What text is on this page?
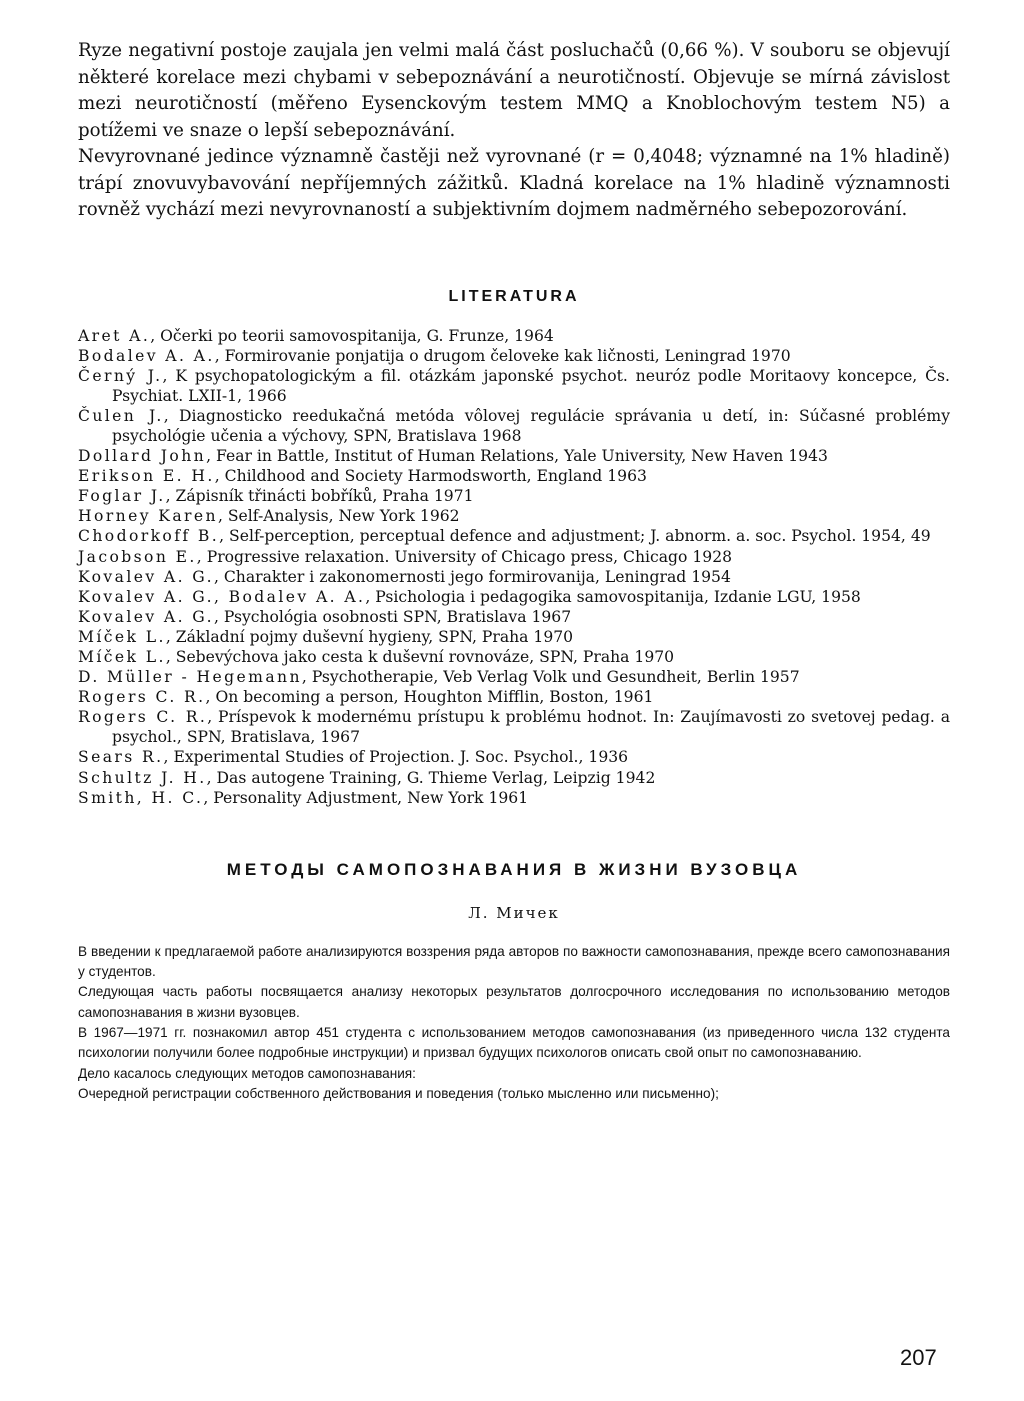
Ryze negativní postoje zaujala jen velmi malá část posluchačů (0,66 %). V souboru se objevují některé korelace mezi chybami v sebepoznávání a neurotičností. Objevuje se mírná závislost mezi neurotičností (měřeno Eysenckovým testem MMQ a Knoblochovým testem N5) a potížemi ve snaze o lepší sebepoznávání.

Nevyrovnané jedince významně častěji než vyrovnané (r = 0,4048; významné na 1% hladině) trápí znovuvybavování nepříjemných zážitků. Kladná korelace na 1% hladině významnosti rovněž vychází mezi nevyrovnaností a subjektivním dojmem nadměrného sebepozorování.

LITERATURA

Aret A., Očerki po teorii samovospitanija, G. Frunze, 1964

Bodalev A. A., Formirovanie ponjatija o drugom čeloveke kak ličnosti, Leningrad 1970

Černý J., K psychopatologickým a fil. otázkám japonské psychot. neuróz podle Moritaovy koncepce, Čs. Psychiat. LXII-1, 1966

Čulen J., Diagnosticko reedukačná metóda vôlovej regulácie správania u detí, in: Súčasné problémy psychológie učenia a výchovy, SPN, Bratislava 1968

Dollard John, Fear in Battle, Institut of Human Relations, Yale University, New Haven 1943

Erikson E. H., Childhood and Society Harmodsworth, England 1963

Foglar J., Zápisník třinácti bobříků, Praha 1971

Horney Karen, Self-Analysis, New York 1962

Chodorkoff B., Self-perception, perceptual defence and adjustment; J. abnorm. a. soc. Psychol. 1954, 49

Jacobson E., Progressive relaxation. University of Chicago press, Chicago 1928

Kovalev A. G., Charakter i zakonomernosti jego formirovanija, Leningrad 1954

Kovalev A. G., Bodalev A. A., Psichologia i pedagogika samovospitanija, Izdanie LGU, 1958

Kovalev A. G., Psychológia osobnosti SPN, Bratislava 1967

Míček L., Základní pojmy duševní hygieny, SPN, Praha 1970

Míček L., Sebevýchova jako cesta k duševní rovnováze, SPN, Praha 1970

D. Müller - Hegemann, Psychotherapie, Veb Verlag Volk und Gesundheit, Berlin 1957

Rogers C. R., On becoming a person, Houghton Mifflin, Boston, 1961

Rogers C. R., Príspevok k modernému prístupu k problému hodnot. In: Zaujímavosti zo svetovej pedag. a psychol., SPN, Bratislava, 1967

Sears R., Experimental Studies of Projection. J. Soc. Psychol., 1936

Schultz J. H., Das autogene Training, G. Thieme Verlag, Leipzig 1942

Smith, H. C., Personality Adjustment, New York 1961

МЕТОДЫ САМОПОЗНАВАНИЯ В ЖИЗНИ ВУЗОВЦА
Л. Мичек

В введении к предлагаемой работе анализируются воззрения ряда авторов по важности самопознавания, прежде всего самопознавания у студентов.

Следующая часть работы посвящается анализу некоторых результатов долгосрочного исследования по использованию методов самопознавания в жизни вузовцев.

В 1967—1971 гг. познакомил автор 451 студента с использованием методов самопознавания (из приведенного числа 132 студента психологии получили более подробные инструкции) и призвал будущих психологов описать свой опыт по самопознаванию.

Дело касалось следующих методов самопознавания:

Очередной регистрации собственного действования и поведения (только мысленно или письменно);

207
